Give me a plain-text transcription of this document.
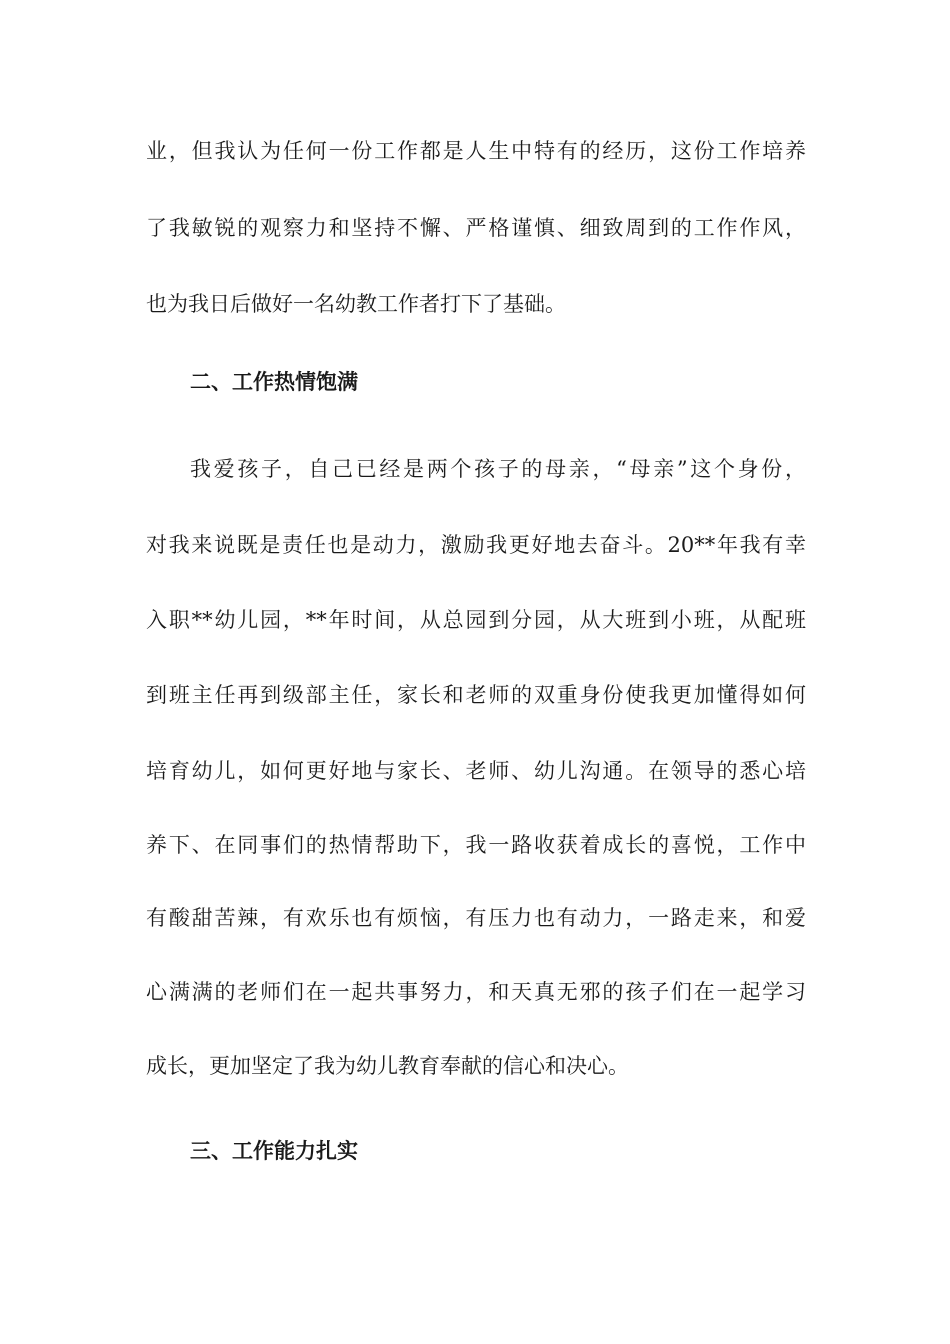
业，但我认为任何一份工作都是人生中特有的经历，这份工作培养
了我敏锐的观察力和坚持不懈、严格谨慎、细致周到的工作作风，
也为我日后做好一名幼教工作者打下了基础。
二、工作热情饱满
我爱孩子，自己已经是两个孩子的母亲，“母亲”这个身份，
对我来说既是责任也是动力，激励我更好地去奋斗。20**年我有幸
入职**幼儿园，**年时间，从总园到分园，从大班到小班，从配班
到班主任再到级部主任，家长和老师的双重身份使我更加懂得如何
培育幼儿，如何更好地与家长、老师、幼儿沟通。在领导的悉心培
养下、在同事们的热情帮助下，我一路收获着成长的喜悦，工作中
有酸甜苦辣，有欢乐也有烦恼，有压力也有动力，一路走来，和爱
心满满的老师们在一起共事努力，和天真无邪的孩子们在一起学习
成长，更加坚定了我为幼儿教育奉献的信心和决心。
三、工作能力扎实
